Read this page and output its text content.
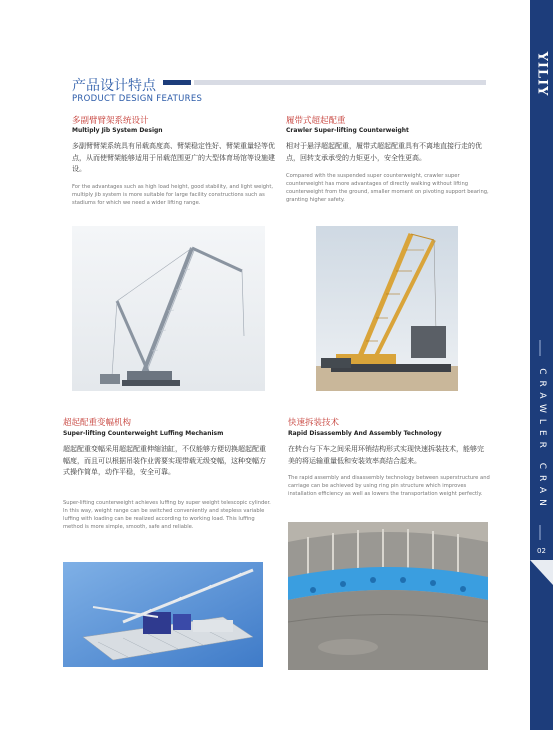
YILIY
CRAWLER CRAN
02
产品设计特点
PRODUCT DESIGN FEATURES
多副臂臂架系统设计
Multiply Jib System Design
多副臂臂架系统具有吊载高度高、臂架稳定性好、臂架重量轻等优点，从而使臂架能够适用于吊载范围更广的大型体育场馆等设施建设。
For the advantages such as high load height, good stability, and light weight, multiply jib system is more suitable for large facility constructions such as stadiums for which we need a wider lifting range.
履带式超起配重
Crawler Super-lifting Counterweight
相对于悬浮超起配重，履带式超起配重具有不离地直接行走的优点，回转支承承受的力矩更小，安全性更高。
Compared with the suspended super counterweight, crawler super counterweight has more advantages of directly walking without lifting counterweight from the ground, smaller moment on pivoting support bearing, granting higher safety.
超起配重变幅机构
Super-lifting Counterweight Luffing Mechanism
超起配重变幅采用超起配重伸缩油缸，不仅能够方便切换超起配重幅度，而且可以根据吊装作业需要实现带载无级变幅，这种变幅方式操作简单，动作平稳，安全可靠。
Super-lifting counterweight achieves luffing by super weight telescopic cylinder. In this way, weight range can be switched conveniently and stepless variable luffing with loading can be realized according to working load. This luffing method is more simple, smooth, safe and reliable.
快速拆装技术
Rapid Disassembly And Assembly Technology
在转台与下车之间采用环销结构形式实现快速拆装技术，能够完美的将运输重量低和安装效率高结合起来。
The rapid assembly and disassembly technology between superstructure and carriage can be achieved by using ring pin structure which improves installation efficiency as well as lowers the transportation weight perfectly.
